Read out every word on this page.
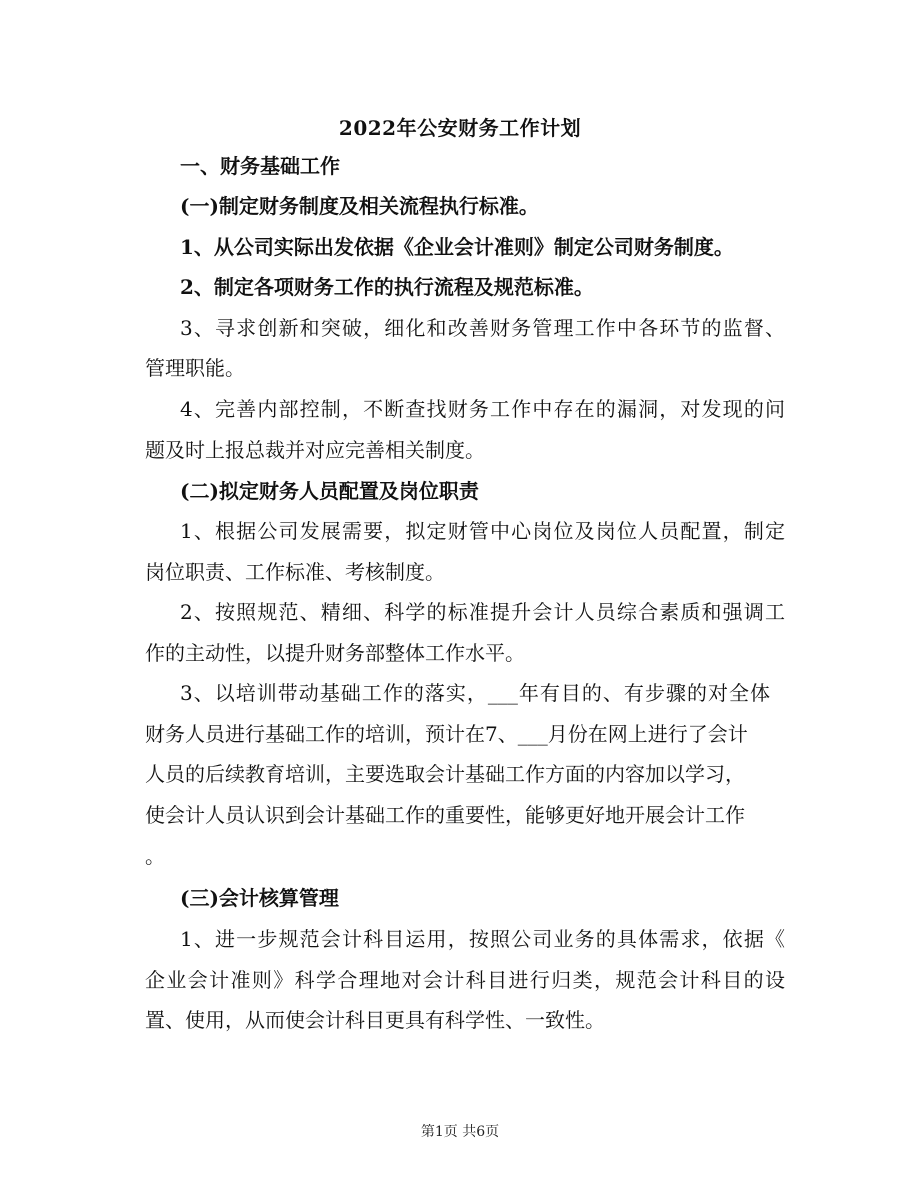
2022年公安财务工作计划
一、财务基础工作
(一)制定财务制度及相关流程执行标准。
1、从公司实际出发依据《企业会计准则》制定公司财务制度。
2、制定各项财务工作的执行流程及规范标准。
3、寻求创新和突破，细化和改善财务管理工作中各环节的监督、
管理职能。
4、完善内部控制，不断查找财务工作中存在的漏洞，对发现的问
题及时上报总裁并对应完善相关制度。
(二)拟定财务人员配置及岗位职责
1、根据公司发展需要，拟定财管中心岗位及岗位人员配置，制定
岗位职责、工作标准、考核制度。
2、按照规范、精细、科学的标准提升会计人员综合素质和强调工
作的主动性，以提升财务部整体工作水平。
3、以培训带动基础工作的落实，___年有目的、有步骤的对全体
财务人员进行基础工作的培训，预计在7、___月份在网上进行了会计
人员的后续教育培训，主要选取会计基础工作方面的内容加以学习，
使会计人员认识到会计基础工作的重要性，能够更好地开展会计工作
。
(三)会计核算管理
1、进一步规范会计科目运用，按照公司业务的具体需求，依据《
企业会计准则》科学合理地对会计科目进行归类，规范会计科目的设
置、使用，从而使会计科目更具有科学性、一致性。
第1页 共6页
